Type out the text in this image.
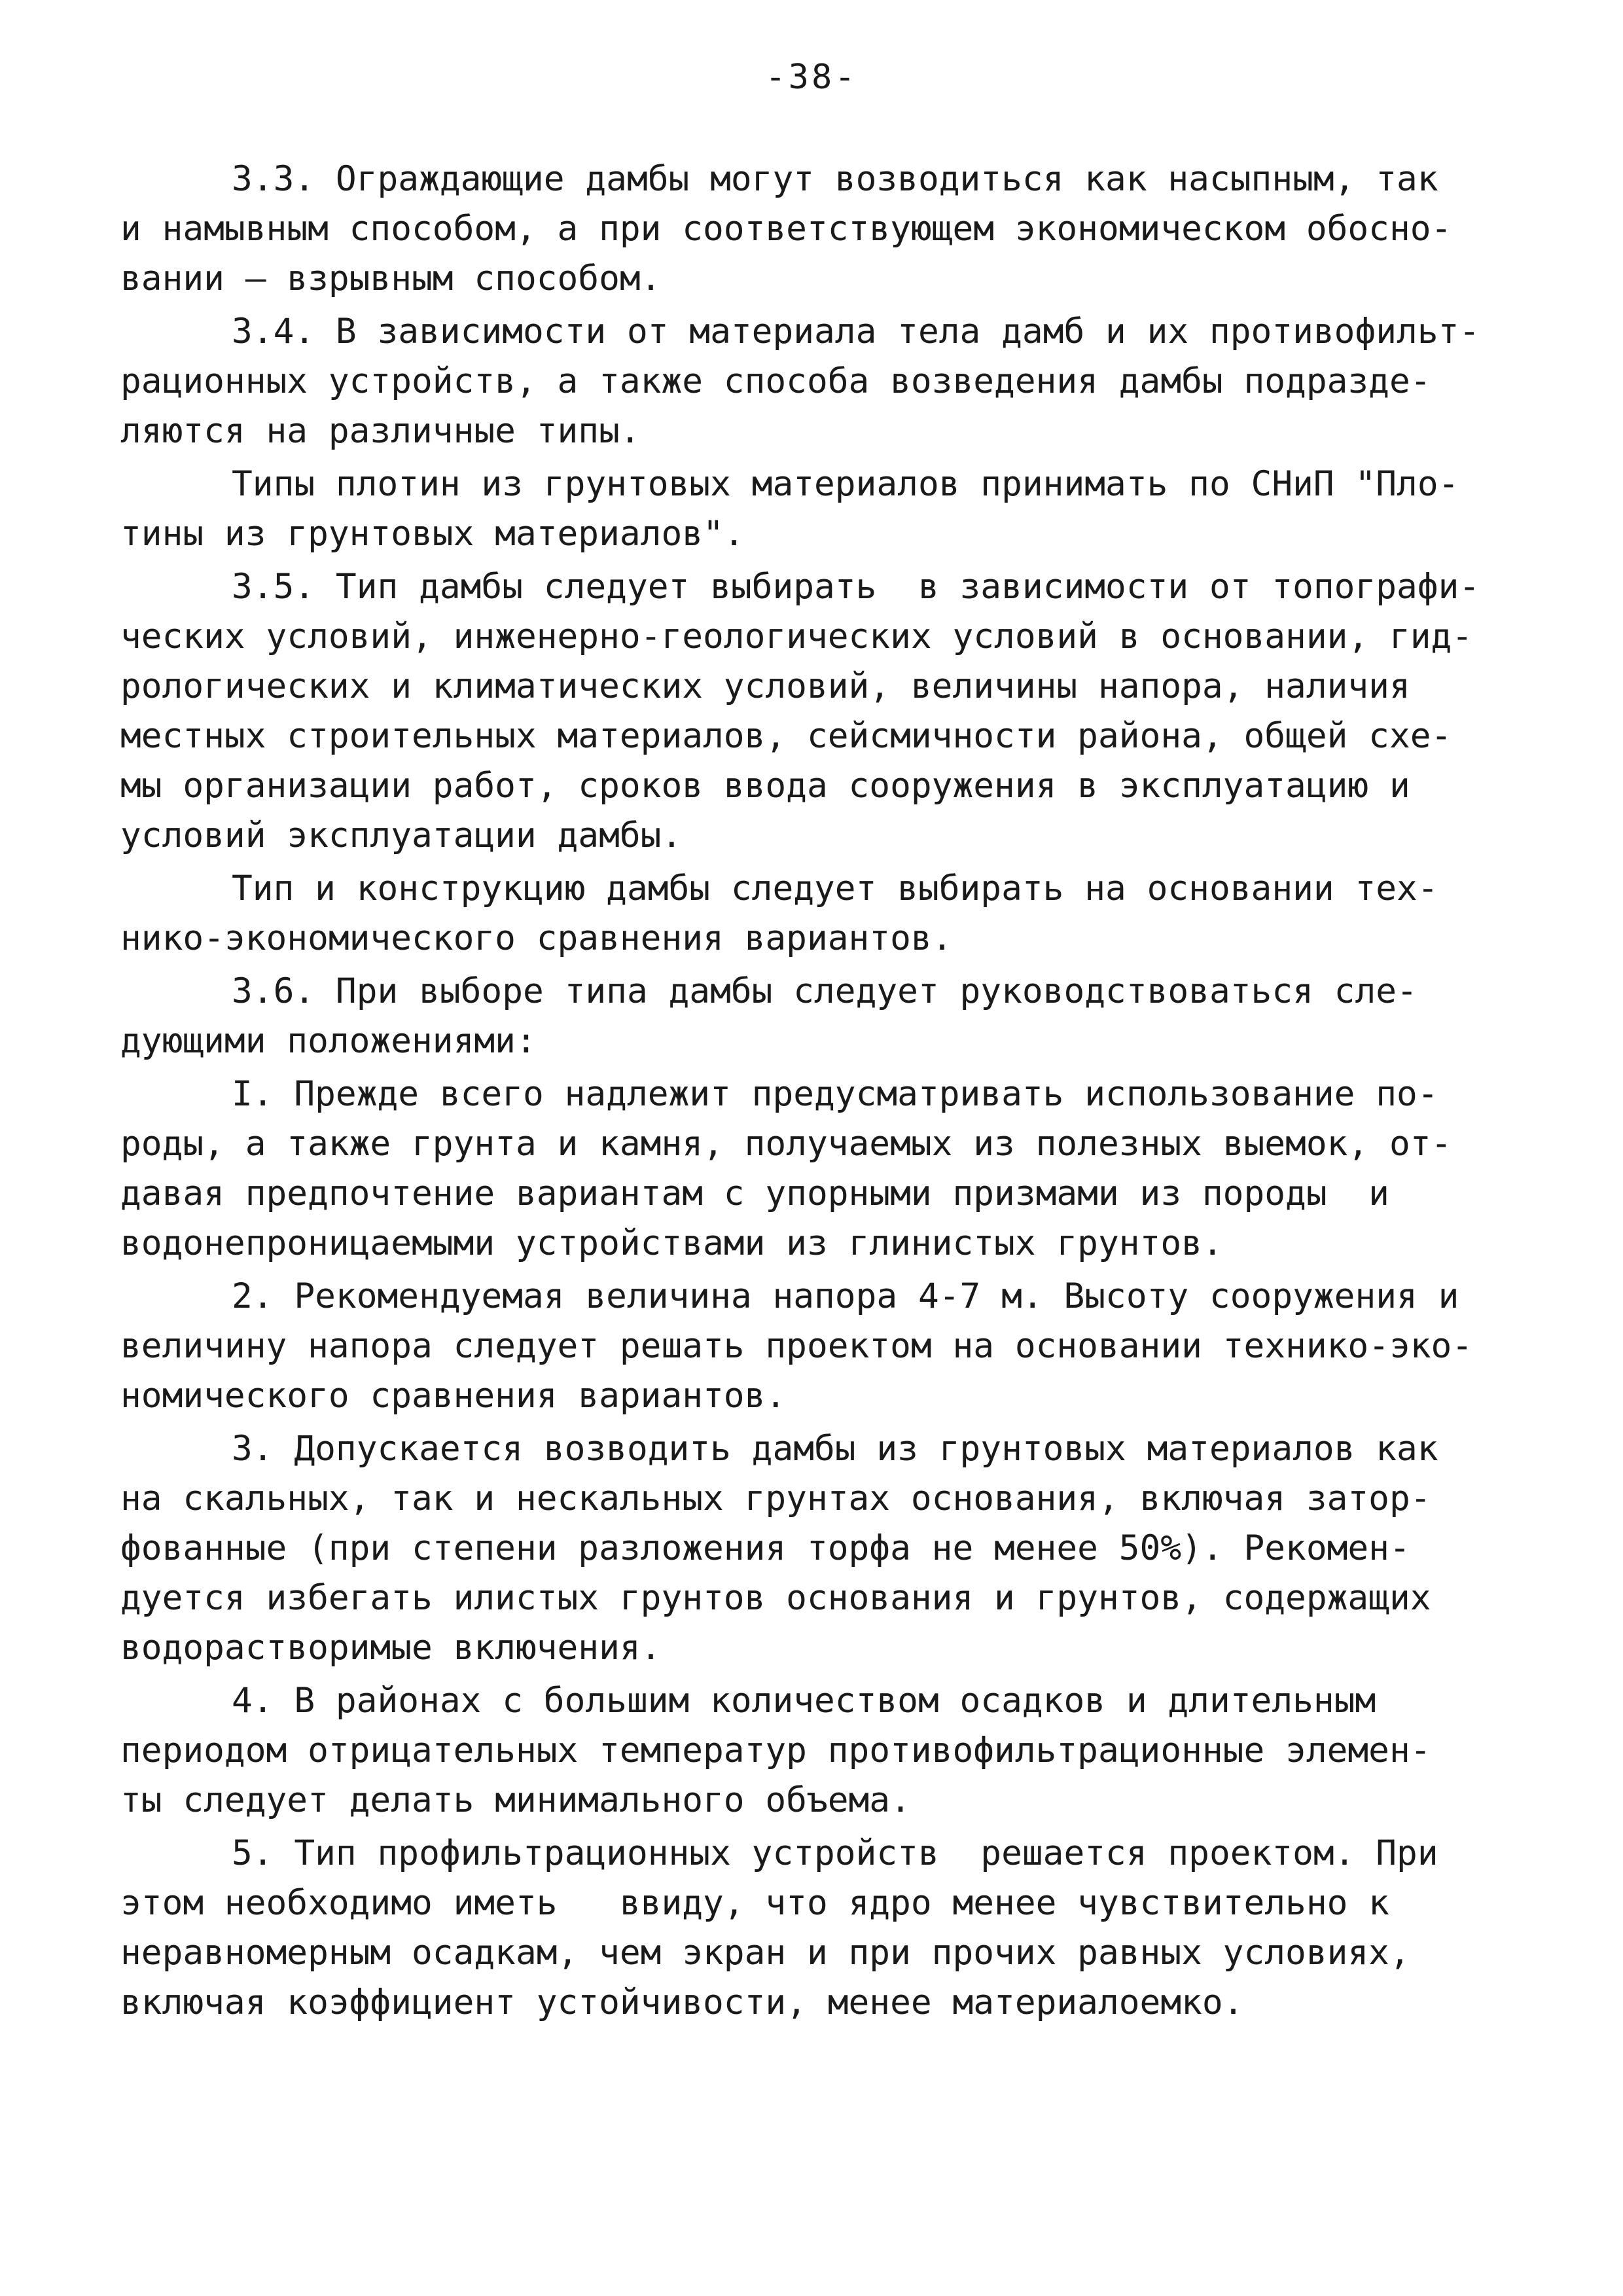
-38-
3.3. Ограждающие дамбы могут возводиться как насыпным, так
и намывным способом, а при соответствующем экономическом обосно-
вании – взрывным способом.
3.4. В зависимости от материала тела дамб и их противофильт-
рационных устройств, а также способа возведения дамбы подразде-
ляются на различные типы.
Типы плотин из грунтовых материалов принимать по СНиП "Пло-
тины из грунтовых материалов".
3.5. Тип дамбы следует выбирать  в зависимости от топографи-
ческих условий, инженерно-геологических условий в основании, гид-
рологических и климатических условий, величины напора, наличия
местных строительных материалов, сейсмичности района, общей схе-
мы организации работ, сроков ввода сооружения в эксплуатацию и
условий эксплуатации дамбы.
Тип и конструкцию дамбы следует выбирать на основании тех-
нико-экономического сравнения вариантов.
3.6. При выборе типа дамбы следует руководствоваться сле-
дующими положениями:
I. Прежде всего надлежит предусматривать использование по-
роды, а также грунта и камня, получаемых из полезных выемок, от-
давая предпочтение вариантам с упорными призмами из породы  и
водонепроницаемыми устройствами из глинистых грунтов.
2. Рекомендуемая величина напора 4-7 м. Высоту сооружения и
величину напора следует решать проектом на основании технико-эко-
номического сравнения вариантов.
3. Допускается возводить дамбы из грунтовых материалов как
на скальных, так и нескальных грунтах основания, включая затор-
фованные (при степени разложения торфа не менее 50%). Рекомен-
дуется избегать илистых грунтов основания и грунтов, содержащих
водорастворимые включения.
4. В районах с большим количеством осадков и длительным
периодом отрицательных температур противофильтрационные элемен-
ты следует делать минимального объема.
5. Тип профильтрационных устройств  решается проектом. При
этом необходимо иметь   ввиду, что ядро менее чувствительно к
неравномерным осадкам, чем экран и при прочих равных условиях,
включая коэффициент устойчивости, менее материалоемко.
